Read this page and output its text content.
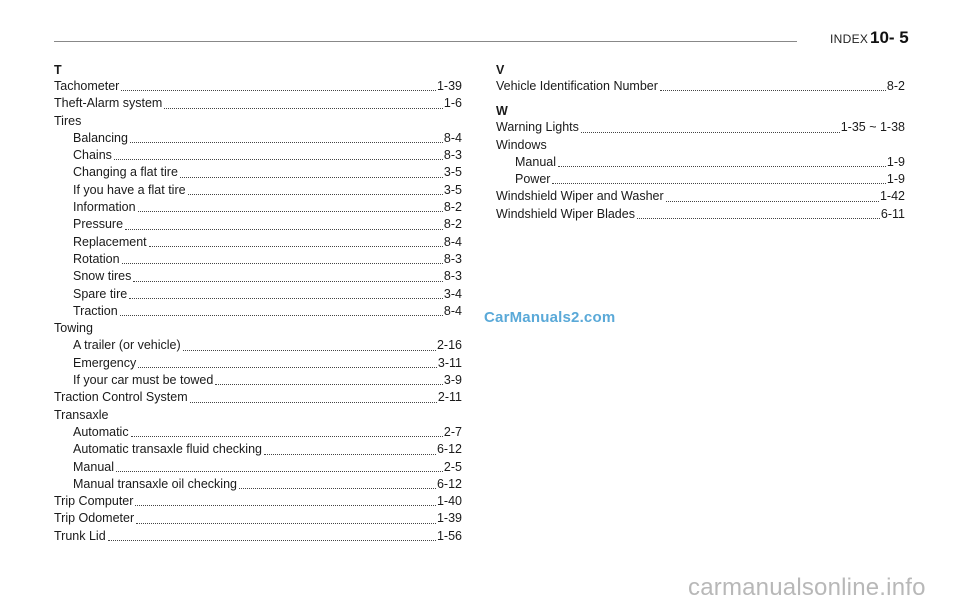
INDEX 10- 5
T
Tachometer	1-39
Theft-Alarm system	1-6
Tires
Balancing	8-4
Chains	8-3
Changing a flat tire	3-5
If you have a flat tire	3-5
Information	8-2
Pressure	8-2
Replacement	8-4
Rotation	8-3
Snow tires	8-3
Spare tire	3-4
Traction	8-4
Towing
A trailer (or vehicle)	2-16
Emergency	3-11
If your car must be towed	3-9
Traction Control System	2-11
Transaxle
Automatic	2-7
Automatic transaxle fluid checking	6-12
Manual	2-5
Manual transaxle oil checking	6-12
Trip Computer	1-40
Trip Odometer	1-39
Trunk Lid	1-56
V
Vehicle Identification Number	8-2
W
Warning Lights	1-35 ~ 1-38
Windows
Manual	1-9
Power	1-9
Windshield Wiper and Washer	1-42
Windshield Wiper Blades	6-11
CarManuals2.com
carmanualsonline.info
